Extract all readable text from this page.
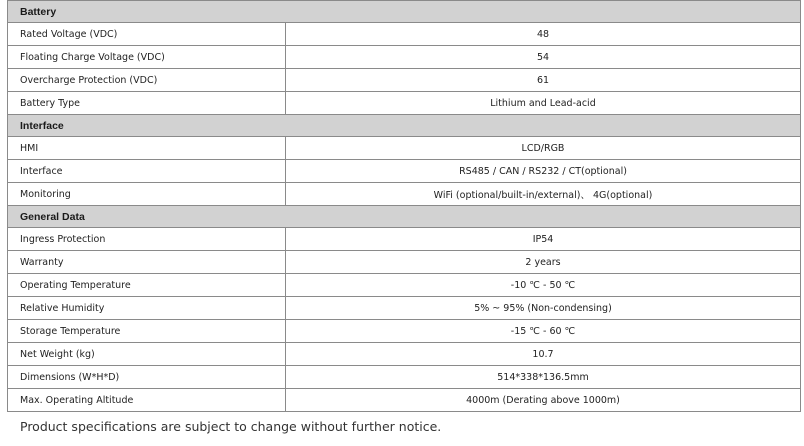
Battery	
Rated Voltage (VDC)	48
Floating Charge Voltage (VDC)	54
Overcharge Protection (VDC)	61
Battery Type	Lithium and Lead-acid
Interface	
HMI	LCD/RGB
Interface	RS485 / CAN / RS232 / CT(optional)
Monitoring	WiFi (optional/built-in/external)、 4G(optional)
General Data	
Ingress Protection	IP54
Warranty	2 years
Operating Temperature	-10 ℃ - 50 ℃
Relative Humidity	5% ~ 95% (Non-condensing)
Storage Temperature	-15 ℃ - 60 ℃
Net Weight (kg)	10.7
Dimensions (W*H*D)	514*338*136.5mm
Max. Operating Altitude	4000m (Derating above 1000m)
Product specifications are subject to change without further notice.
